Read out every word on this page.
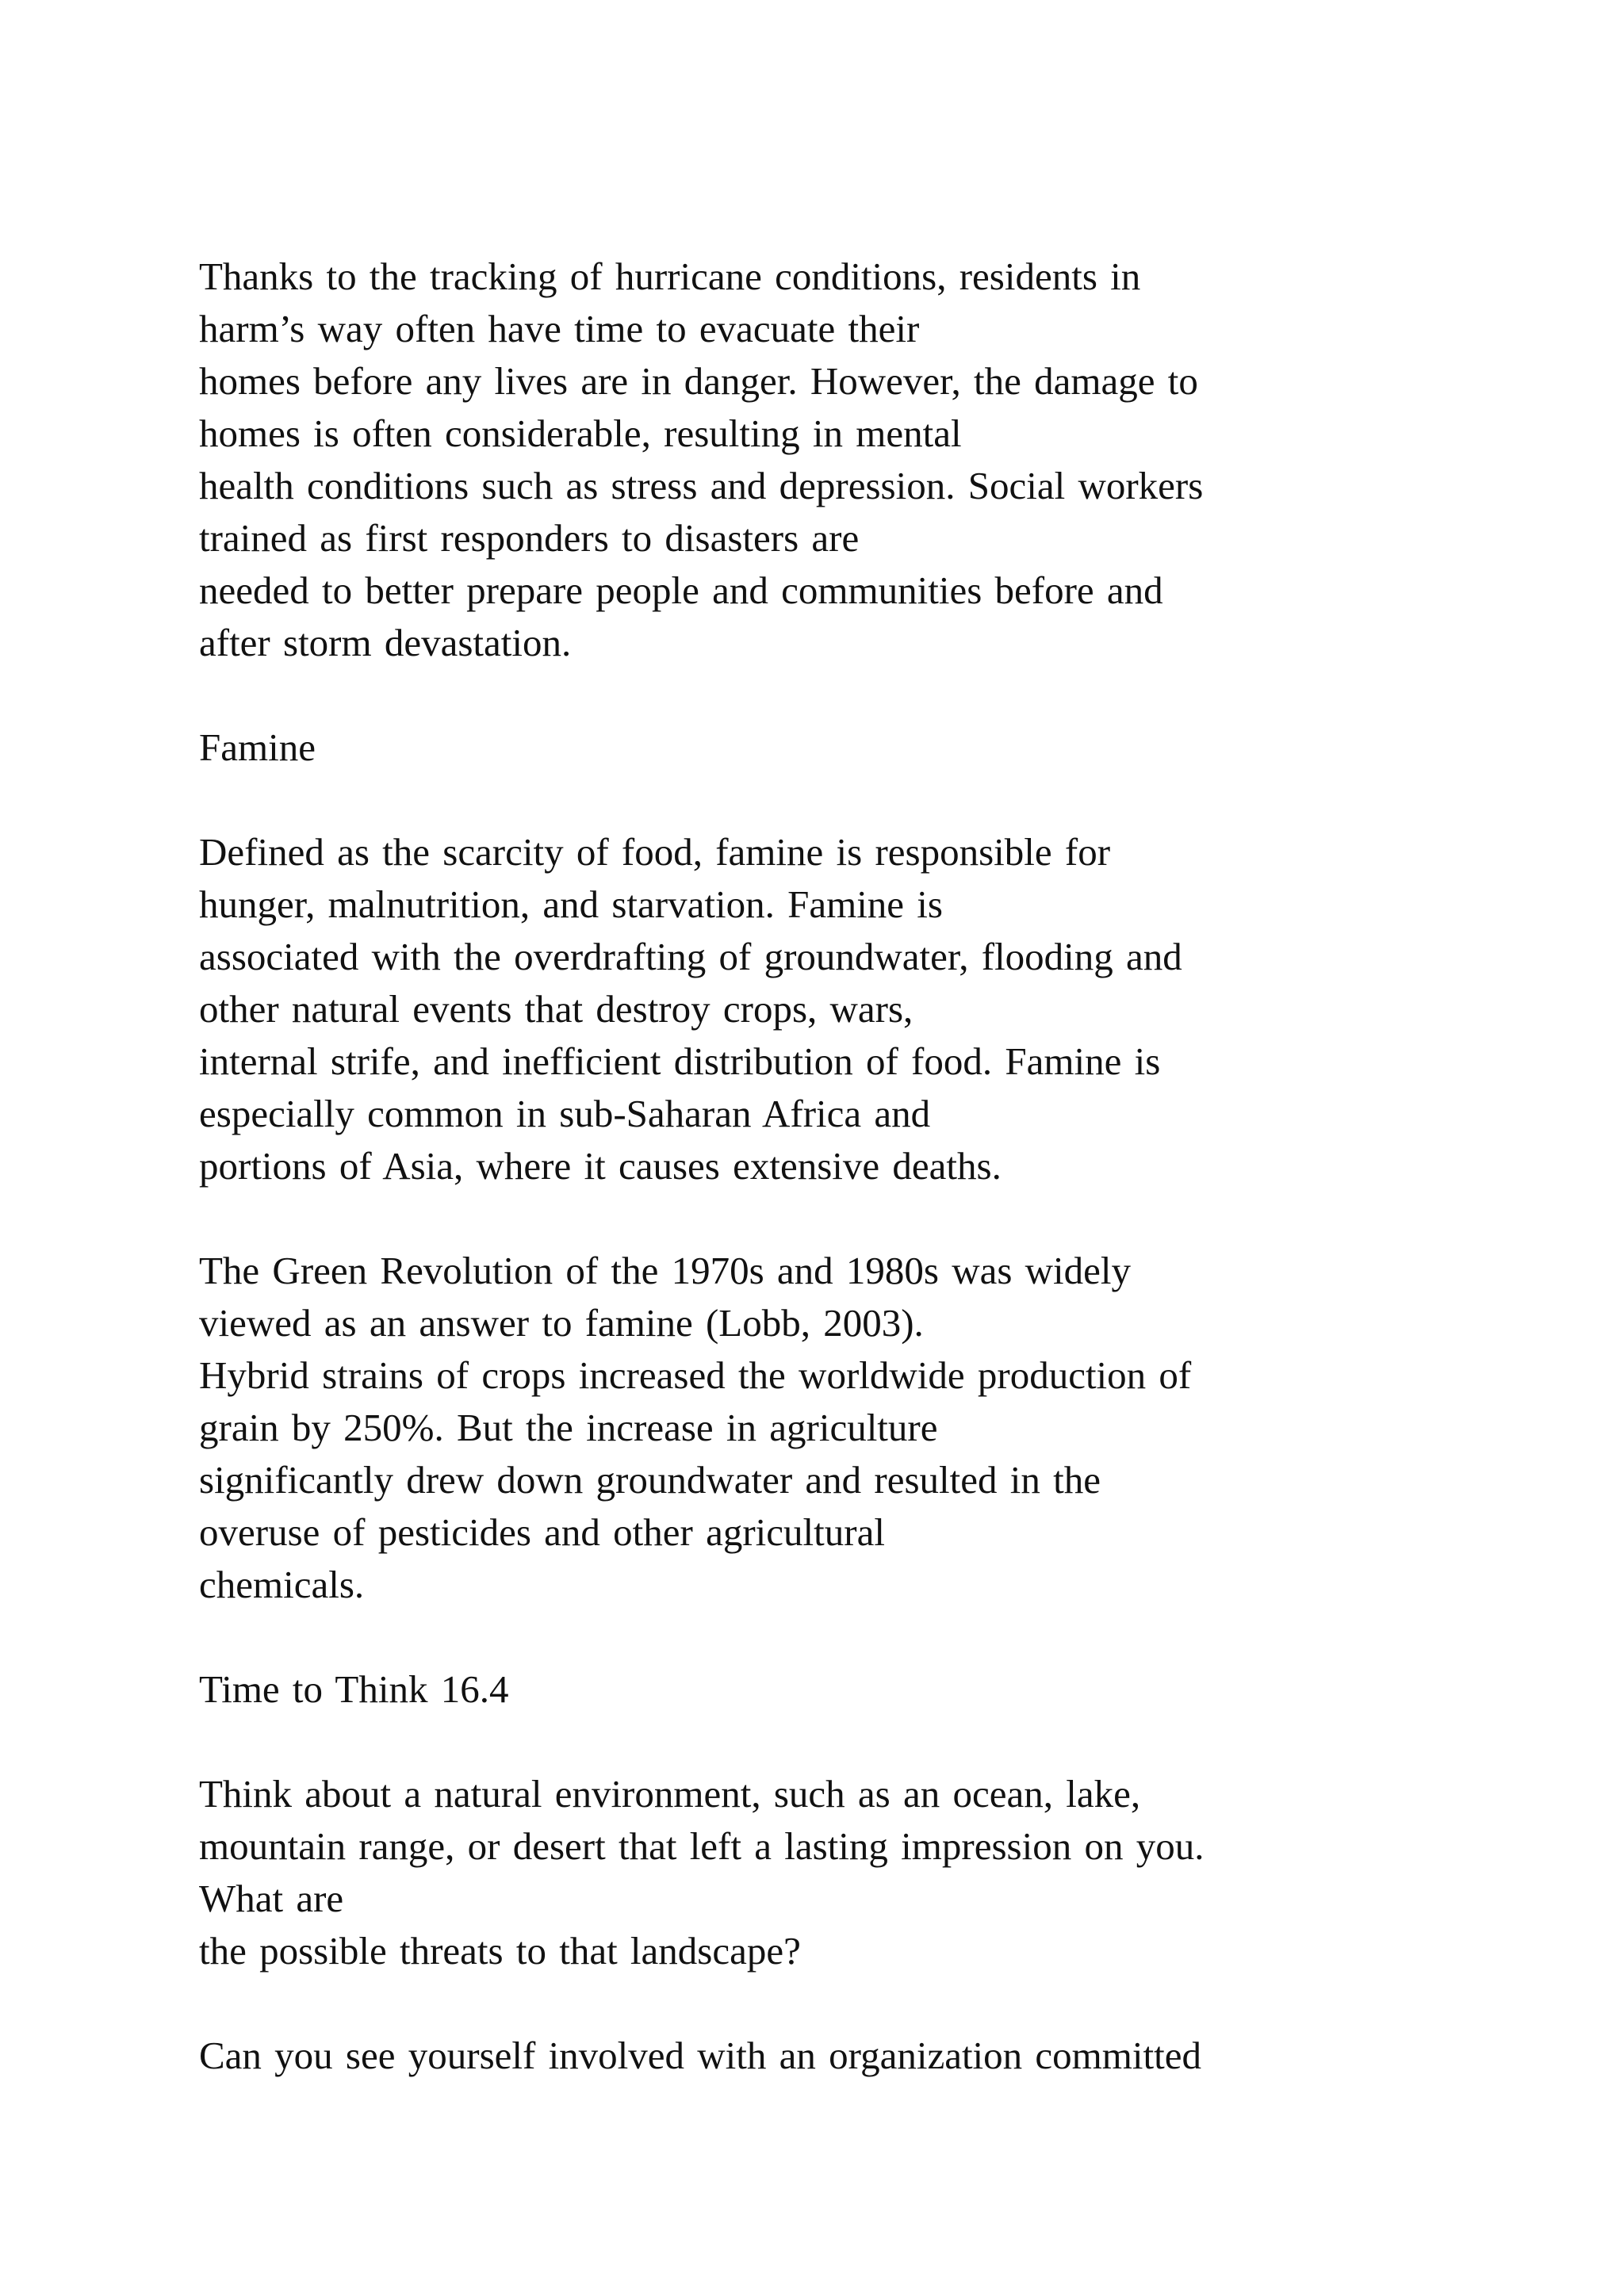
Thanks to the tracking of hurricane conditions, residents in
harm’s way often have time to evacuate their
homes before any lives are in danger. However, the damage to
homes is often considerable, resulting in mental
health conditions such as stress and depression. Social workers
trained as first responders to disasters are
needed to better prepare people and communities before and
after storm devastation.
Famine
Defined as the scarcity of food, famine is responsible for
hunger, malnutrition, and starvation. Famine is
associated with the overdrafting of groundwater, flooding and
other natural events that destroy crops, wars,
internal strife, and inefficient distribution of food. Famine is
especially common in sub-Saharan Africa and
portions of Asia, where it causes extensive deaths.
The Green Revolution of the 1970s and 1980s was widely
viewed as an answer to famine (Lobb, 2003).
Hybrid strains of crops increased the worldwide production of
grain by 250%. But the increase in agriculture
significantly drew down groundwater and resulted in the
overuse of pesticides and other agricultural
chemicals.
Time to Think 16.4
Think about a natural environment, such as an ocean, lake,
mountain range, or desert that left a lasting impression on you.
What are
the possible threats to that landscape?
Can you see yourself involved with an organization committed
